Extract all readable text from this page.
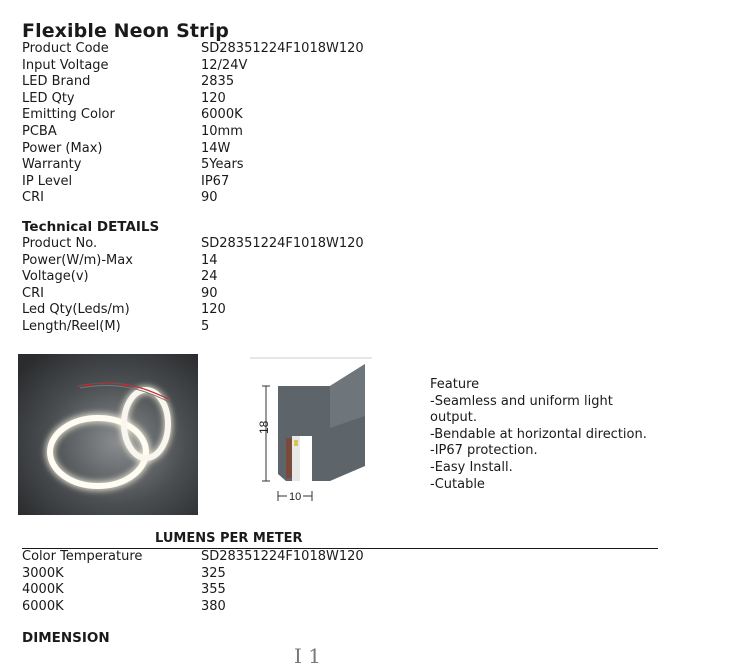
Flexible Neon Strip
Product Code	SD28351224F1018W120
Input Voltage	12/24V
LED Brand	2835
LED Qty	120
Emitting Color	6000K
PCBA	10mm
Power (Max)	14W
Warranty	5Years
IP Level	IP67
CRI	90
Technical DETAILS
Product No.	SD28351224F1018W120
Power(W/m)-Max	14
Voltage(v)	24
CRI	90
Led Qty(Leds/m)	120
Length/Reel(M)	5
18
10
Feature
-Seamless and uniform light output.
-Bendable at horizontal direction.
-IP67 protection.
-Easy Install.
-Cutable
LUMENS PER METER
Color Temperature	SD28351224F1018W120
3000K	325
4000K	355
6000K	380
DIMENSION
I 1
